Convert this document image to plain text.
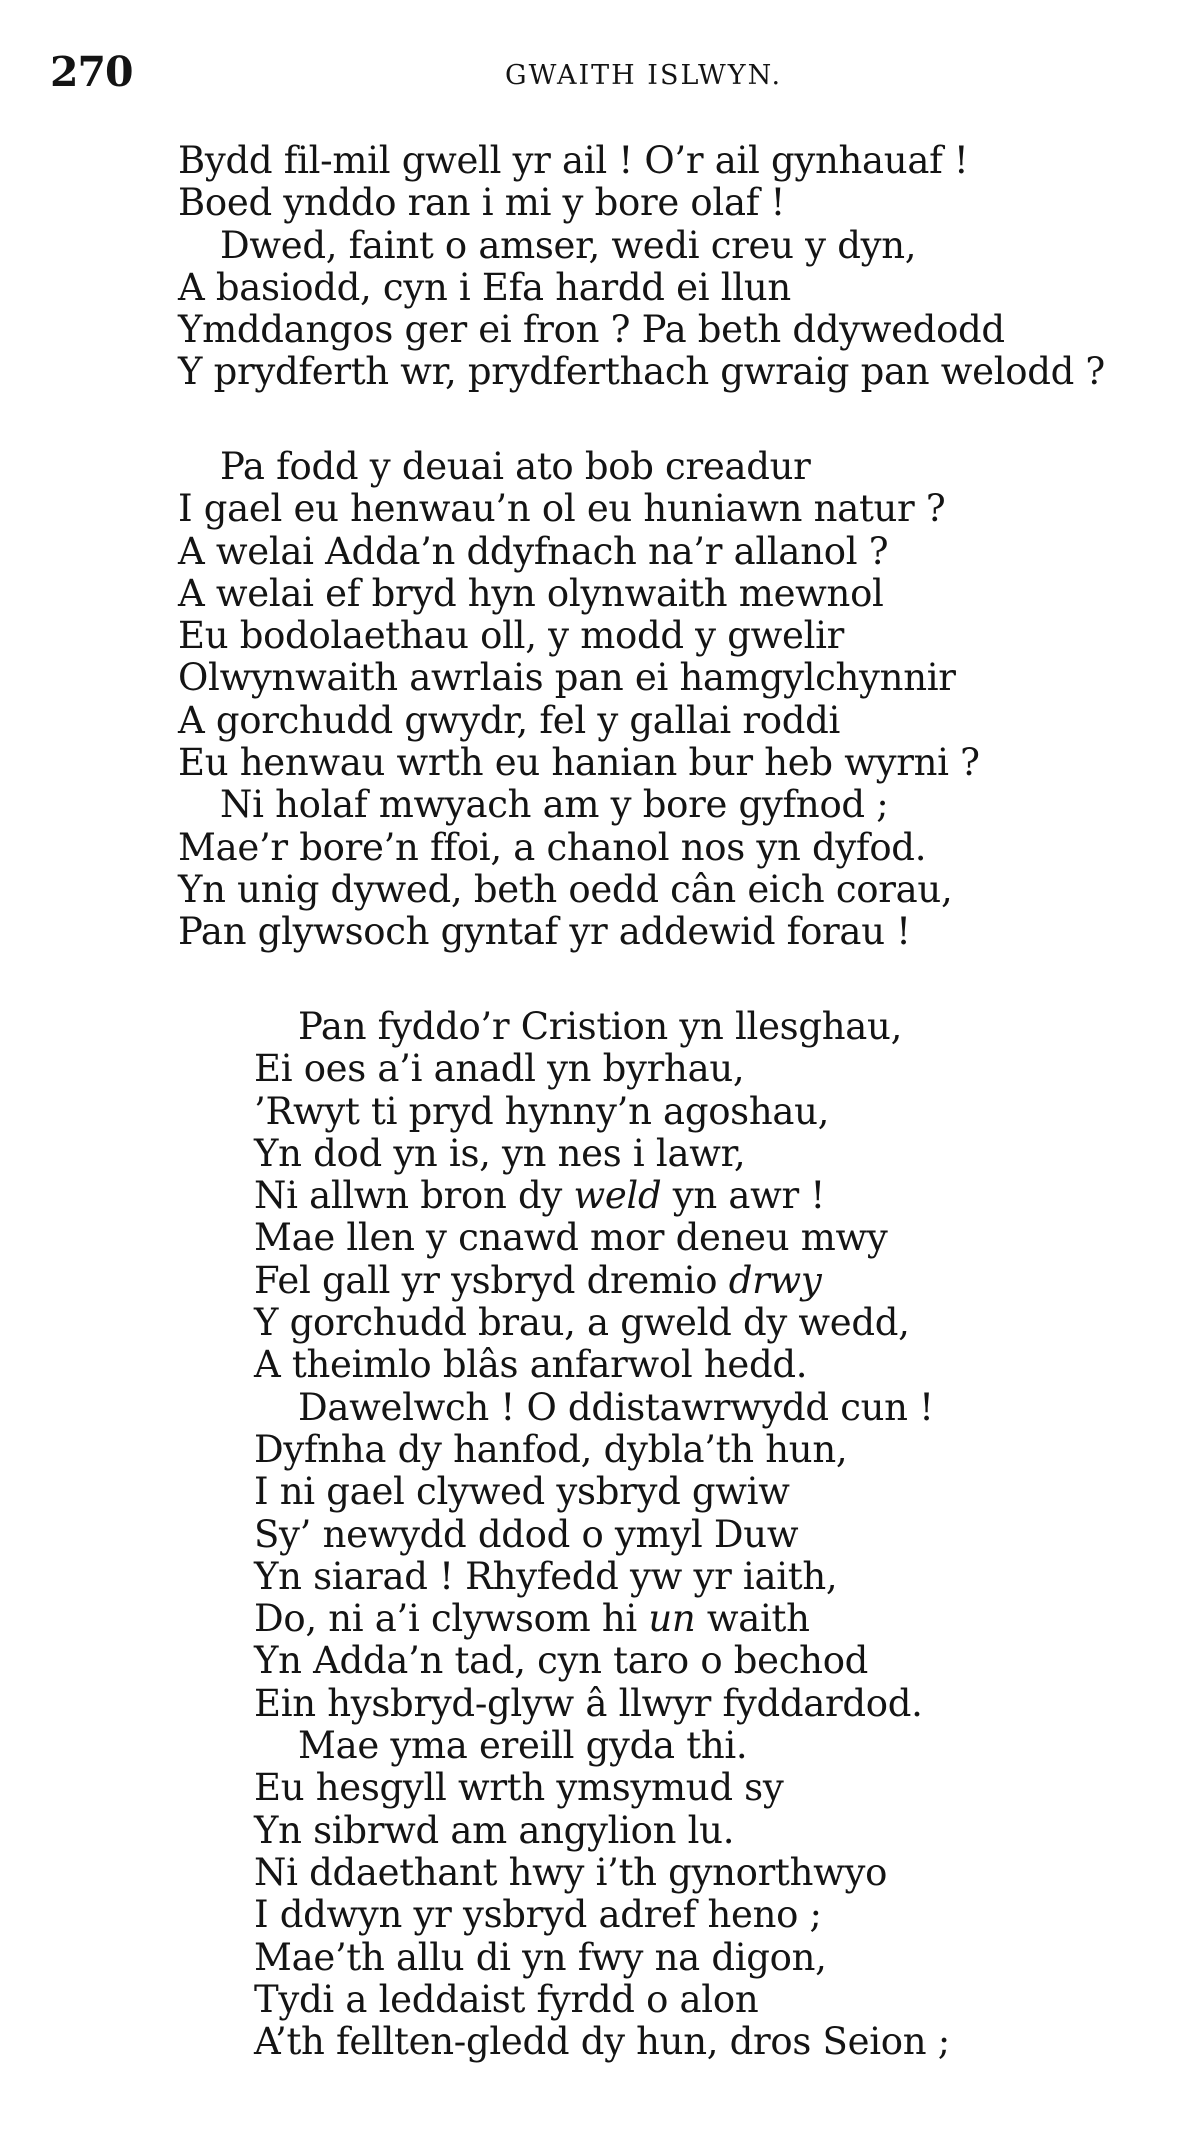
270	GWAITH ISLWYN.
Bydd fil-mil gwell yr ail ! O’r ail gynhauaf !
Boed ynddo ran i mi y bore olaf !
Dwed, faint o amser, wedi creu y dyn,
A basiodd, cyn i Efa hardd ei llun
Ymddangos ger ei fron ? Pa beth ddywedodd
Y prydferth wr, prydferthach gwraig pan welodd ?
Pa fodd y deuai ato bob creadur
I gael eu henwau’n ol eu huniawn natur ?
A welai Adda’n ddyfnach na’r allanol ?
A welai ef bryd hyn olynwaith mewnol
Eu bodolaethau oll, y modd y gwelir
Olwynwaith awrlais pan ei hamgylchynnir
A gorchudd gwydr, fel y gallai roddi
Eu henwau wrth eu hanian bur heb wyrni ?
Ni holaf mwyach am y bore gyfnod ;
Mae’r bore’n ffoi, a chanol nos yn dyfod.
Yn unig dywed, beth oedd cân eich corau,
Pan glywsoch gyntaf yr addewid forau !
Pan fyddo’r Cristion yn llesghau,
Ei oes a’i anadl yn byrhau,
’Rwyt ti pryd hynny’n agoshau,
Yn dod yn is, yn nes i lawr,
Ni allwn bron dy weld yn awr !
Mae llen y cnawd mor deneu mwy
Fel gall yr ysbryd dremio drwy
Y gorchudd brau, a gweld dy wedd,
A theimlo blâs anfarwol hedd.
Dawelwch ! O ddistawrwydd cun !
Dyfnha dy hanfod, dybla’th hun,
I ni gael clywed ysbryd gwiw
Sy’ newydd ddod o ymyl Duw
Yn siarad ! Rhyfedd yw yr iaith,
Do, ni a’i clywsom hi un waith
Yn Adda’n tad, cyn taro o bechod
Ein hysbryd-glyw â llwyr fyddardod.
Mae yma ereill gyda thi.
Eu hesgyll wrth ymsymud sy
Yn sibrwd am angylion lu.
Ni ddaethant hwy i’th gynorthwyo
I ddwyn yr ysbryd adref heno ;
Mae’th allu di yn fwy na digon,
Tydi a leddaist fyrdd o alon
A’th fellten-gledd dy hun, dros Seion ;
